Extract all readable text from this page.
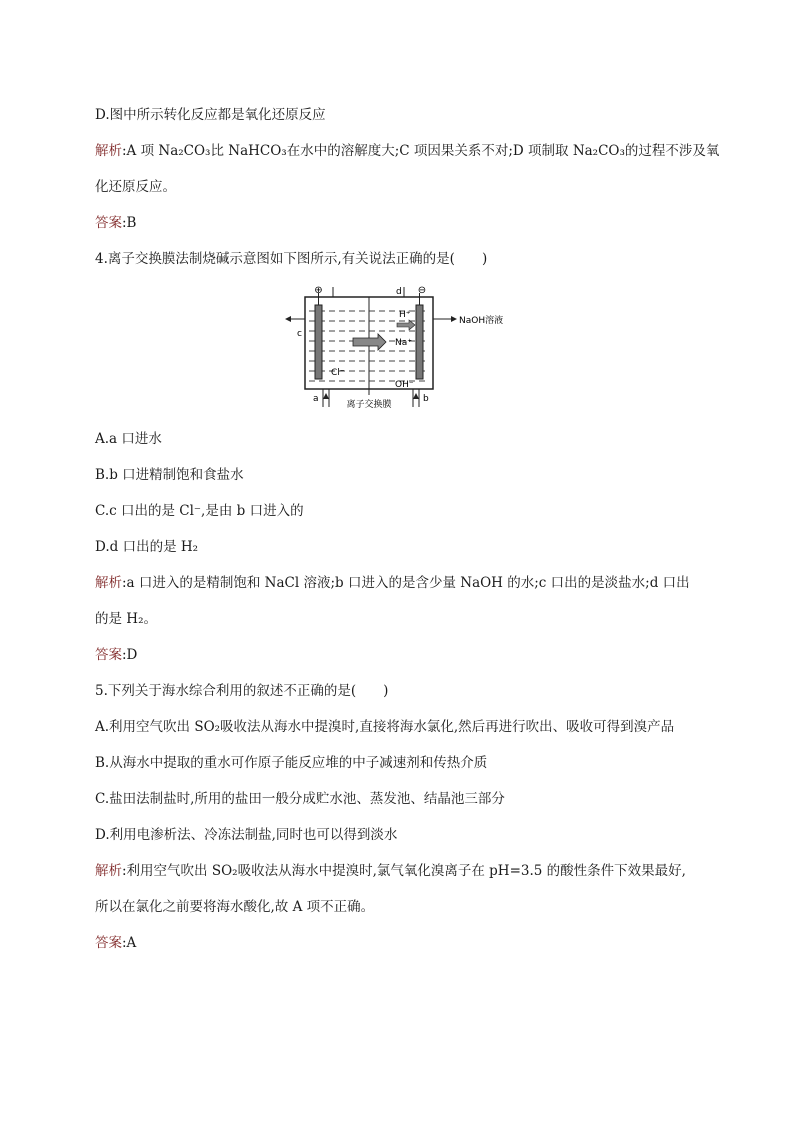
D.图中所示转化反应都是氧化还原反应
解析:A 项 Na₂CO₃比 NaHCO₃在水中的溶解度大;C 项因果关系不对;D 项制取 Na₂CO₃的过程不涉及氧
化还原反应。
答案:B
4.离子交换膜法制烧碱示意图如下图所示,有关说法正确的是(　　)
⊕	⊖
d
c
NaOH溶液
H⁺
Na⁺
Cl⁻
OH⁻
a	b
离子交换膜
A.a 口进水
B.b 口进精制饱和食盐水
C.c 口出的是 Cl⁻,是由 b 口进入的
D.d 口出的是 H₂
解析:a 口进入的是精制饱和 NaCl 溶液;b 口进入的是含少量 NaOH 的水;c 口出的是淡盐水;d 口出
的是 H₂。
答案:D
5.下列关于海水综合利用的叙述不正确的是(　　)
A.利用空气吹出 SO₂吸收法从海水中提溴时,直接将海水氯化,然后再进行吹出、吸收可得到溴产品
B.从海水中提取的重水可作原子能反应堆的中子减速剂和传热介质
C.盐田法制盐时,所用的盐田一般分成贮水池、蒸发池、结晶池三部分
D.利用电渗析法、冷冻法制盐,同时也可以得到淡水
解析:利用空气吹出 SO₂吸收法从海水中提溴时,氯气氧化溴离子在 pH=3.5 的酸性条件下效果最好,
所以在氯化之前要将海水酸化,故 A 项不正确。
答案:A
